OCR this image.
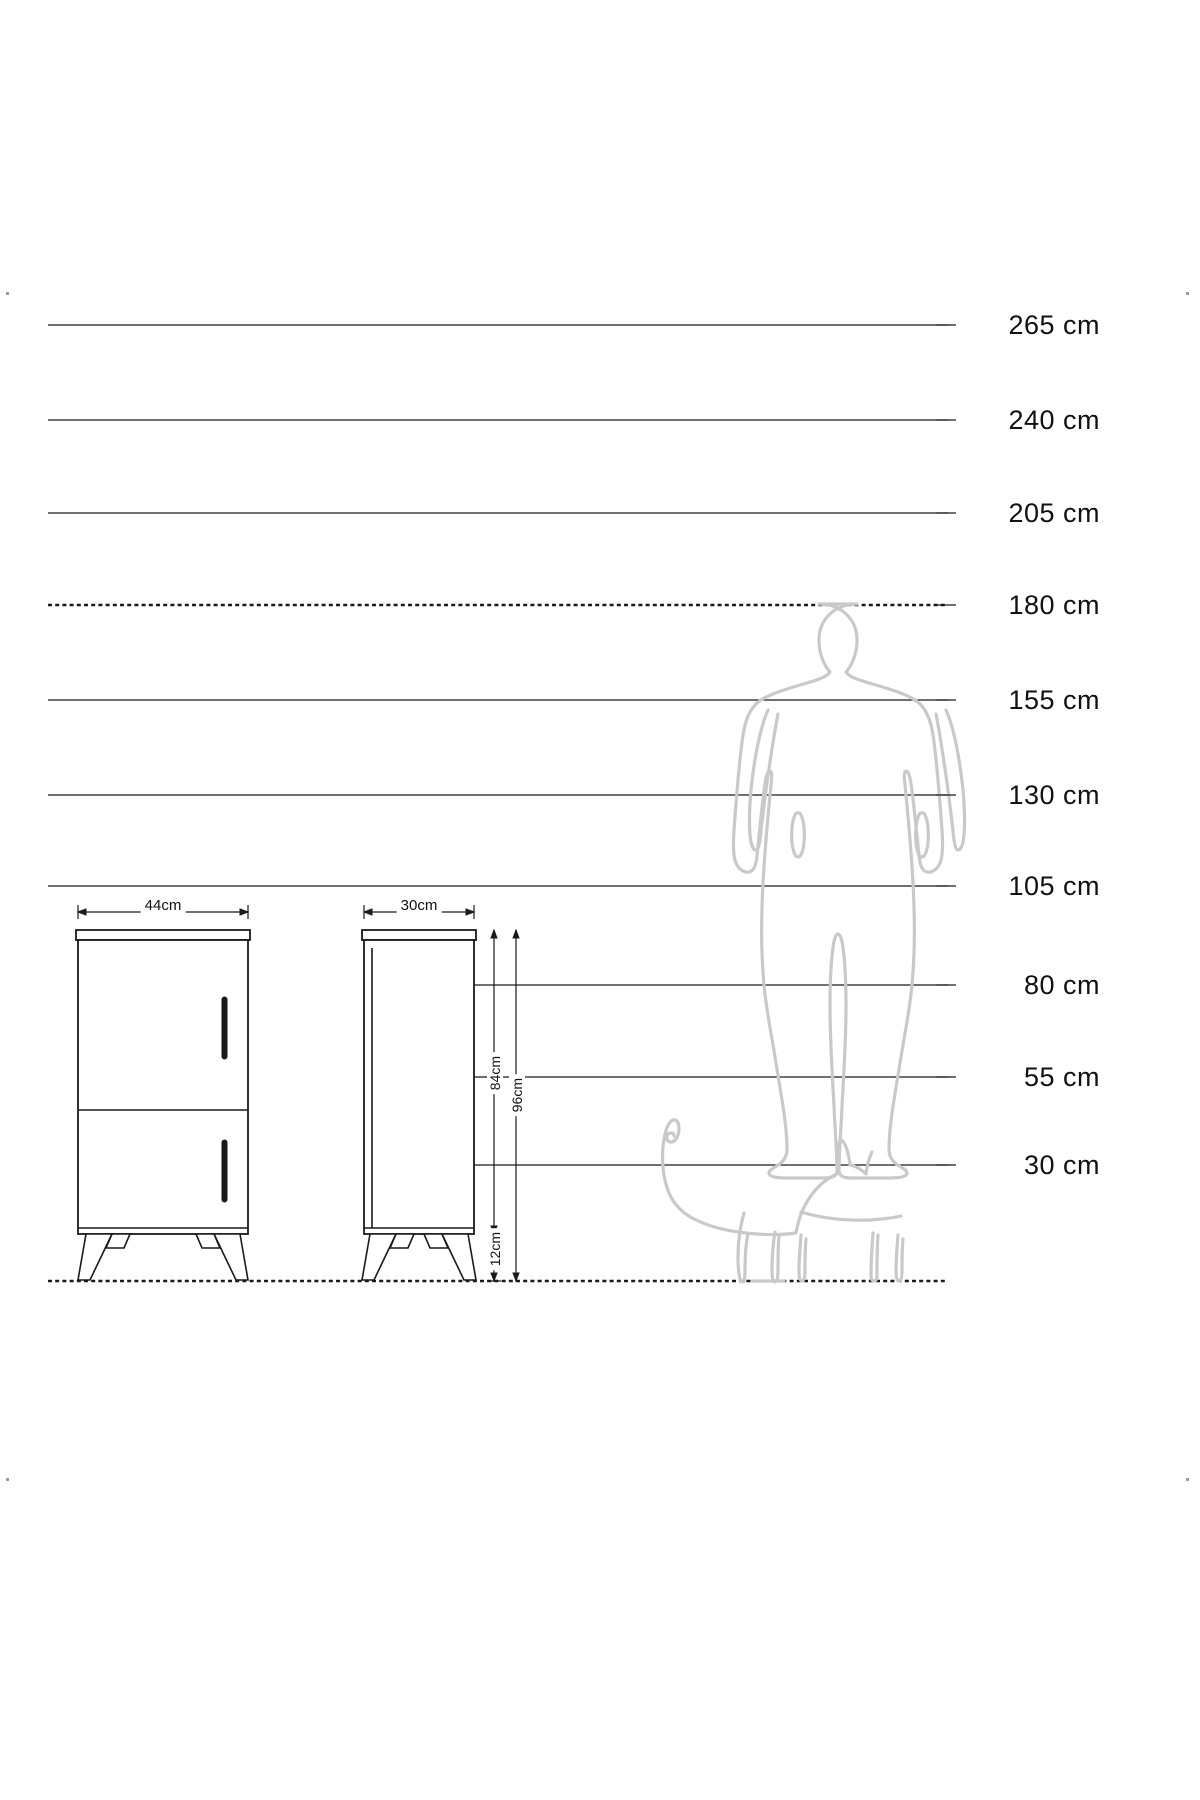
265 cm
240 cm
205 cm
180 cm
155 cm
130 cm
105 cm
80 cm
55 cm
30 cm
44cm	30cm
84cm
96cm
12cm
